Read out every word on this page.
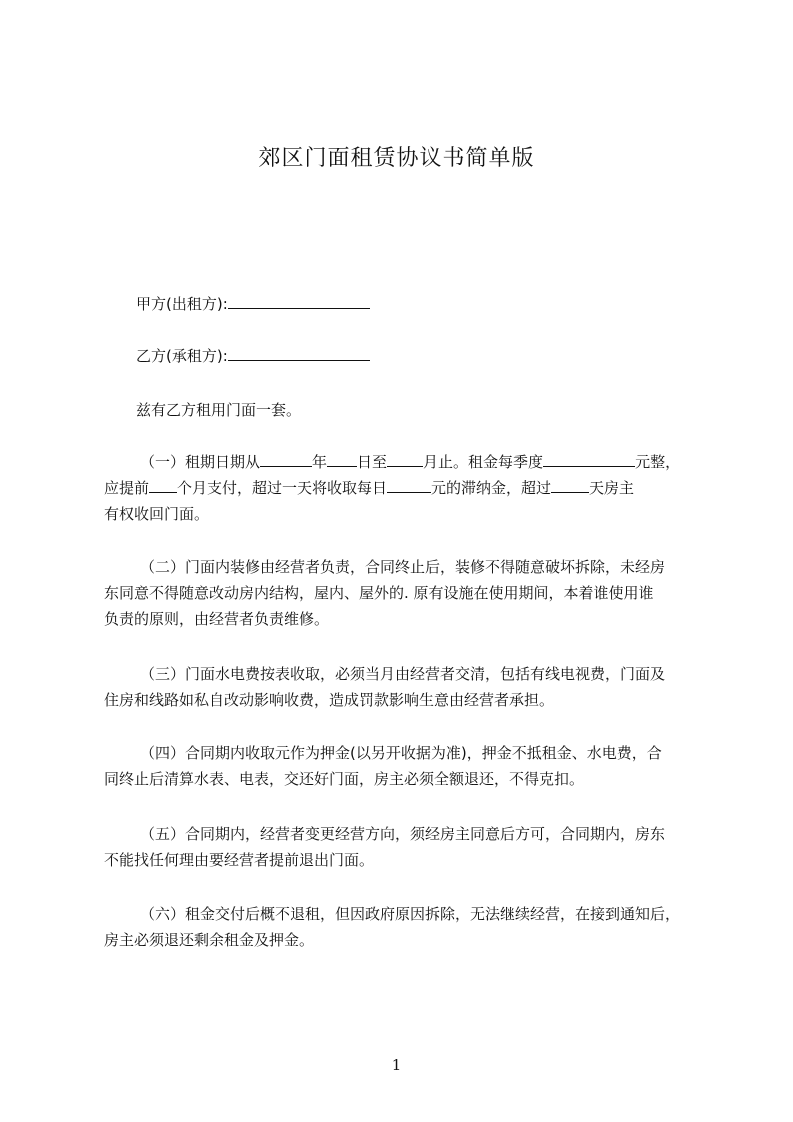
郊区门面租赁协议书简单版

甲方(出租方):

乙方(承租方):

兹有乙方租用门面一套。

（一）租期日期从	年 日至 月止。租金每季度	元整，
应提前 个月支付，超过一天将收取每日	元的滞纳金，超过	天房主
有权收回门面。
（二）门面内装修由经营者负责，合同终止后，装修不得随意破坏拆除，未经房
东同意不得随意改动房内结构，屋内、屋外的. 原有设施在使用期间，本着谁使用谁
负责的原则，由经营者负责维修。
（三）门面水电费按表收取，必须当月由经营者交清，包括有线电视费，门面及
住房和线路如私自改动影响收费，造成罚款影响生意由经营者承担。
（四）合同期内收取元作为押金(以另开收据为准)，押金不抵租金、水电费，合
同终止后清算水表、电表，交还好门面，房主必须全额退还，不得克扣。
（五）合同期内，经营者变更经营方向，须经房主同意后方可，合同期内，房东
不能找任何理由要经营者提前退出门面。
（六）租金交付后概不退租，但因政府原因拆除，无法继续经营，在接到通知后，
房主必须退还剩余租金及押金。

1
